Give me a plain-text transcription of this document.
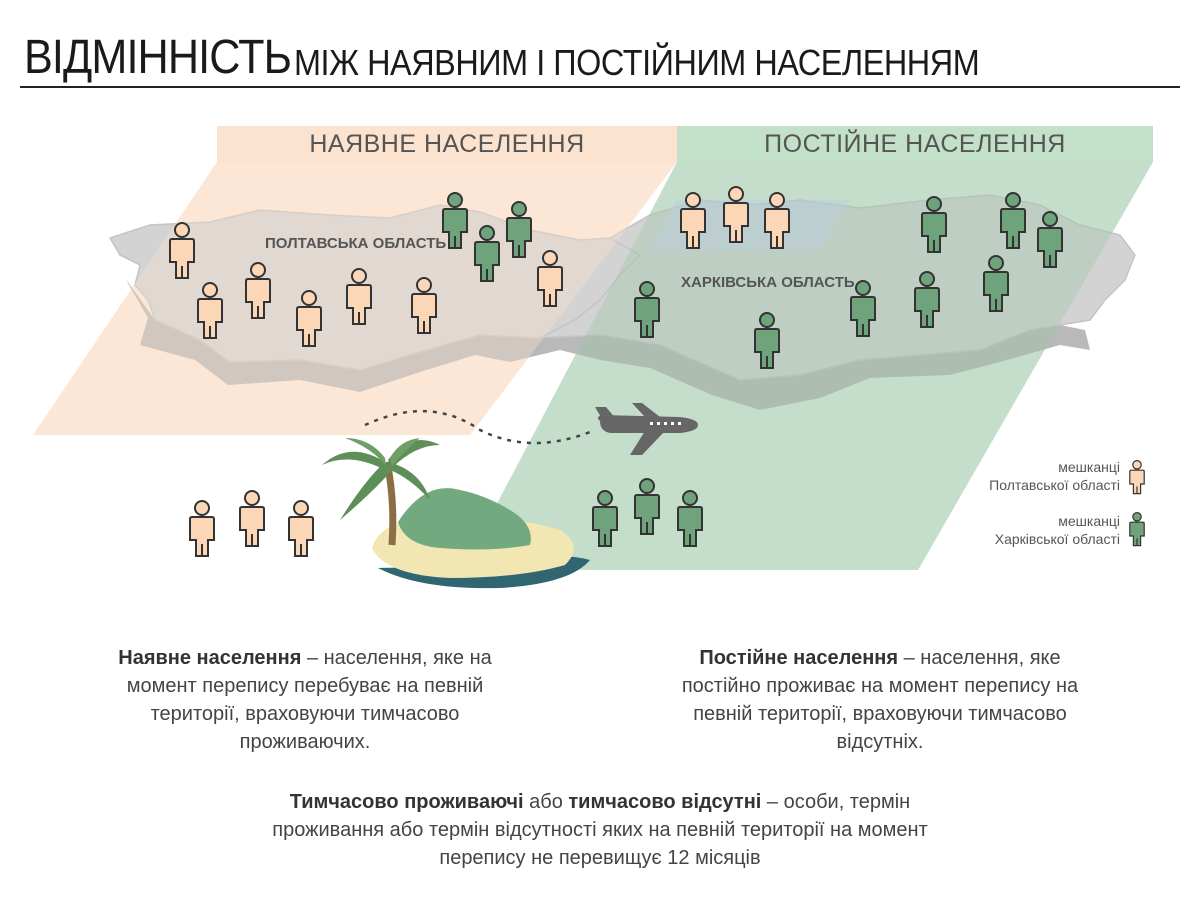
ВІДМІННІСТЬ МІЖ НАЯВНИМ І ПОСТІЙНИМ НАСЕЛЕННЯМ
ПОЛТАВСЬКА ОБЛАСТЬ
ХАРКІВСЬКА ОБЛАСТЬ
НАЯВНЕ НАСЕЛЕННЯ	ПОСТІЙНЕ НАСЕЛЕННЯ
мешканці
Полтавської області
мешканці
Харківської області
Наявне населення – населення, яке на момент перепису перебуває на певній території, враховуючи тимчасово проживаючих.
Постійне населення – населення, яке постійно проживає на момент перепису на певній території, враховуючи тимчасово відсутніх.
Тимчасово проживаючі або тимчасово відсутні – особи, термін проживання або термін відсутності яких на певній території на момент перепису не перевищує 12 місяців
